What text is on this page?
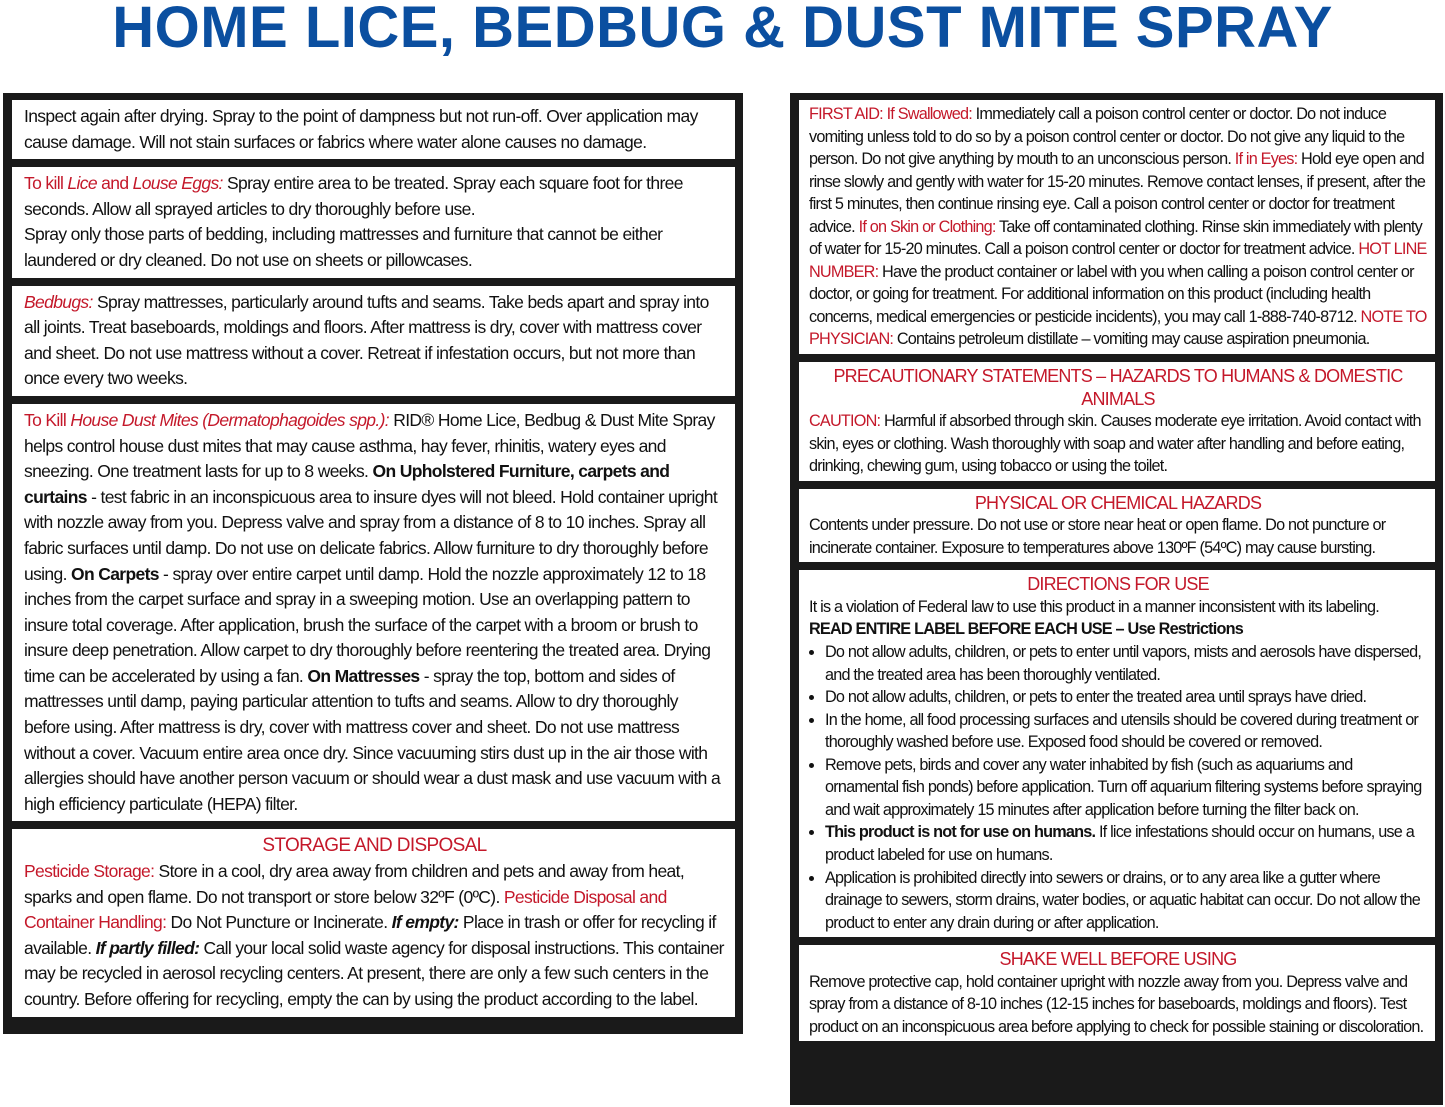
HOME LICE, BEDBUG & DUST MITE SPRAY

Inspect again after drying. Spray to the point of dampness but not run-off. Over application may cause damage. Will not stain surfaces or fabrics where water alone causes no damage.

To kill Lice and Louse Eggs: Spray entire area to be treated. Spray each square foot for three seconds. Allow all sprayed articles to dry thoroughly before use.

Spray only those parts of bedding, including mattresses and furniture that cannot be either laundered or dry cleaned. Do not use on sheets or pillowcases.

Bedbugs: Spray mattresses, particularly around tufts and seams. Take beds apart and spray into all joints. Treat baseboards, moldings and floors. After mattress is dry, cover with mattress cover and sheet. Do not use mattress without a cover. Retreat if infestation occurs, but not more than once every two weeks.

To Kill House Dust Mites (Dermatophagoides spp.): RID® Home Lice, Bedbug & Dust Mite Spray helps control house dust mites that may cause asthma, hay fever, rhinitis, watery eyes and sneezing. One treatment lasts for up to 8 weeks. On Upholstered Furniture, carpets and curtains - test fabric in an inconspicuous area to insure dyes will not bleed. Hold container upright with nozzle away from you. Depress valve and spray from a distance of 8 to 10 inches. Spray all fabric surfaces until damp. Do not use on delicate fabrics. Allow furniture to dry thoroughly before using. On Carpets - spray over entire carpet until damp. Hold the nozzle approximately 12 to 18 inches from the carpet surface and spray in a sweeping motion. Use an overlapping pattern to insure total coverage. After application, brush the surface of the carpet with a broom or brush to insure deep penetration. Allow carpet to dry thoroughly before reentering the treated area. Drying time can be accelerated by using a fan. On Mattresses - spray the top, bottom and sides of mattresses until damp, paying particular attention to tufts and seams. Allow to dry thoroughly before using. After mattress is dry, cover with mattress cover and sheet. Do not use mattress without a cover. Vacuum entire area once dry. Since vacuuming stirs dust up in the air those with allergies should have another person vacuum or should wear a dust mask and use vacuum with a high efficiency particulate (HEPA) filter.

STORAGE AND DISPOSAL

Pesticide Storage: Store in a cool, dry area away from children and pets and away from heat, sparks and open flame. Do not transport or store below 32ºF (0ºC). Pesticide Disposal and Container Handling: Do Not Puncture or Incinerate. If empty: Place in trash or offer for recycling if available. If partly filled: Call your local solid waste agency for disposal instructions. This container may be recycled in aerosol recycling centers. At present, there are only a few such centers in the country. Before offering for recycling, empty the can by using the product according to the label.

FIRST AID: If Swallowed: Immediately call a poison control center or doctor. Do not induce vomiting unless told to do so by a poison control center or doctor. Do not give any liquid to the person. Do not give anything by mouth to an unconscious person. If in Eyes: Hold eye open and rinse slowly and gently with water for 15-20 minutes. Remove contact lenses, if present, after the first 5 minutes, then continue rinsing eye. Call a poison control center or doctor for treatment advice. If on Skin or Clothing: Take off contaminated clothing. Rinse skin immediately with plenty of water for 15-20 minutes. Call a poison control center or doctor for treatment advice. HOT LINE NUMBER: Have the product container or label with you when calling a poison control center or doctor, or going for treatment. For additional information on this product (including health concerns, medical emergencies or pesticide incidents), you may call 1-888-740-8712. NOTE TO PHYSICIAN: Contains petroleum distillate – vomiting may cause aspiration pneumonia.

PRECAUTIONARY STATEMENTS – HAZARDS TO HUMANS & DOMESTIC ANIMALS

CAUTION: Harmful if absorbed through skin. Causes moderate eye irritation. Avoid contact with skin, eyes or clothing. Wash thoroughly with soap and water after handling and before eating, drinking, chewing gum, using tobacco or using the toilet.

PHYSICAL OR CHEMICAL HAZARDS

Contents under pressure. Do not use or store near heat or open flame. Do not puncture or incinerate container. Exposure to temperatures above 130ºF (54ºC) may cause bursting.

DIRECTIONS FOR USE

It is a violation of Federal law to use this product in a manner inconsistent with its labeling.

READ ENTIRE LABEL BEFORE EACH USE – Use Restrictions

• Do not allow adults, children, or pets to enter until vapors, mists and aerosols have dispersed, and the treated area has been thoroughly ventilated.
• Do not allow adults, children, or pets to enter the treated area until sprays have dried.
• In the home, all food processing surfaces and utensils should be covered during treatment or thoroughly washed before use. Exposed food should be covered or removed.
• Remove pets, birds and cover any water inhabited by fish (such as aquariums and ornamental fish ponds) before application. Turn off aquarium filtering systems before spraying and wait approximately 15 minutes after application before turning the filter back on.
• This product is not for use on humans. If lice infestations should occur on humans, use a product labeled for use on humans.
• Application is prohibited directly into sewers or drains, or to any area like a gutter where drainage to sewers, storm drains, water bodies, or aquatic habitat can occur. Do not allow the product to enter any drain during or after application.

SHAKE WELL BEFORE USING

Remove protective cap, hold container upright with nozzle away from you. Depress valve and spray from a distance of 8-10 inches (12-15 inches for baseboards, moldings and floors). Test product on an inconspicuous area before applying to check for possible staining or discoloration.
